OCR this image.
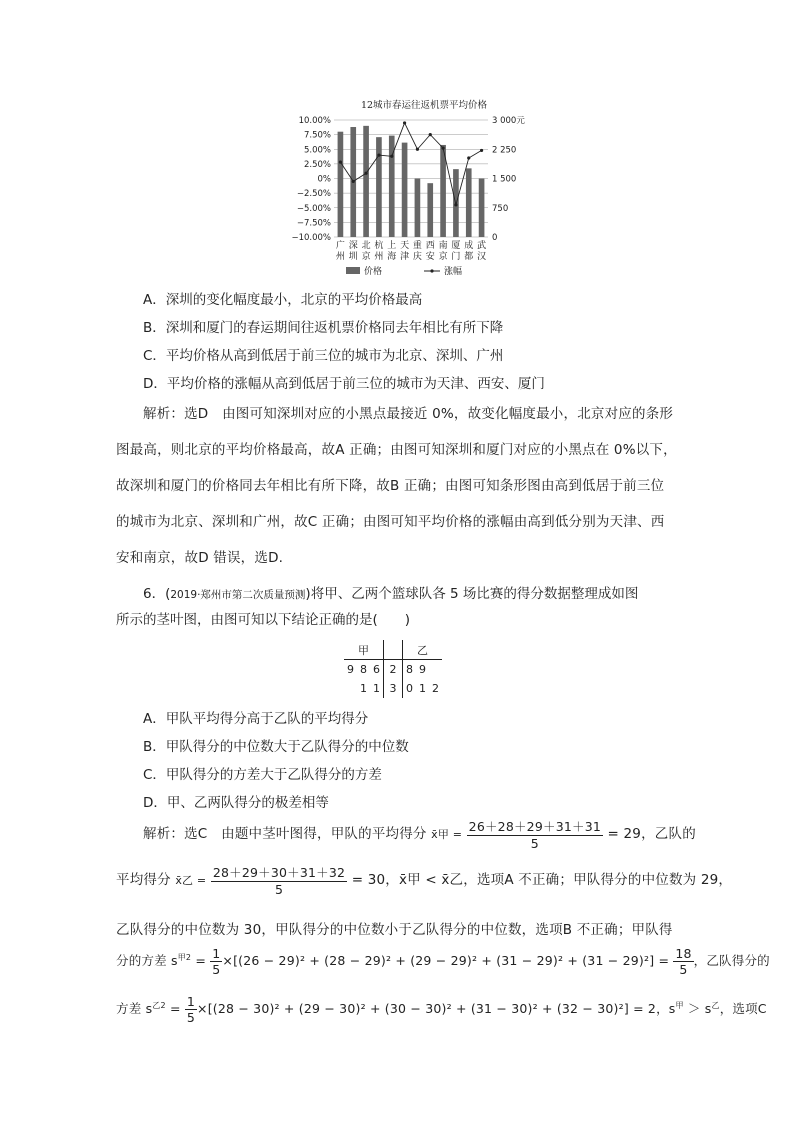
12城市春运往返机票平均价格
10.00%
7.50%
5.00%
2.50%
0%
−2.50%
−5.00%
−7.50%
−10.00%
3 000元
2 250
1 500
750
0
广
州
深
圳
北
京
杭
州
上
海
天
津
重
庆
西
安
南
京
厦
门
成
都
武
汉
价格	涨幅
A．深圳的变化幅度最小，北京的平均价格最高
B．深圳和厦门的春运期间往返机票价格同去年相比有所下降
C．平均价格从高到低居于前三位的城市为北京、深圳、广州
D．平均价格的涨幅从高到低居于前三位的城市为天津、西安、厦门
解析：选D　由图可知深圳对应的小黑点最接近 0%，故变化幅度最小，北京对应的条形
图最高，则北京的平均价格最高，故A 正确；由图可知深圳和厦门对应的小黑点在 0%以下，
故深圳和厦门的价格同去年相比有所下降，故B 正确；由图可知条形图由高到低居于前三位
的城市为北京、深圳和广州，故C 正确；由图可知平均价格的涨幅由高到低分别为天津、西
安和南京，故D 错误，选D.
6．(2019·郑州市第二次质量预测)将甲、乙两个篮球队各 5 场比赛的得分数据整理成如图
所示的茎叶图，由图可知以下结论正确的是(　　)
甲				乙		
9	8	6	2	8	9	
	1	1	3	0	1	2
A．甲队平均得分高于乙队的平均得分
B．甲队得分的中位数大于乙队得分的中位数
C．甲队得分的方差大于乙队得分的方差
D．甲、乙两队得分的极差相等
解析：选C　由题中茎叶图得，甲队的平均得分 x̄甲 = $\frac{26+28+29+31+31}{5} = 29$，乙队的
平均得分 x̄乙 = $\frac{28+29+30+31+32}{5} = 30$，x̄甲 < x̄乙，选项A 不正确；甲队得分的中位数为 29，
乙队得分的中位数为 30，甲队得分的中位数小于乙队得分的中位数，选项B 不正确；甲队得
分的方差 $s^{甲2} = \frac{1}{5} \times[(26 - 29)^2 + (28 - 29)^2 + (29 - 29)^2 + (31 - 29)^2 + (31 - 29)^2] = \frac{18}{5}$ ，乙队得分的
方差 $s^{乙2} = \frac{1}{5} \times[(28 - 30)^2 + (29 - 30)^2 + (30 - 30)^2 + (31 - 30)^2 + (32 - 30)^2] = 2$，$s^甲 > s^乙$，选项C
